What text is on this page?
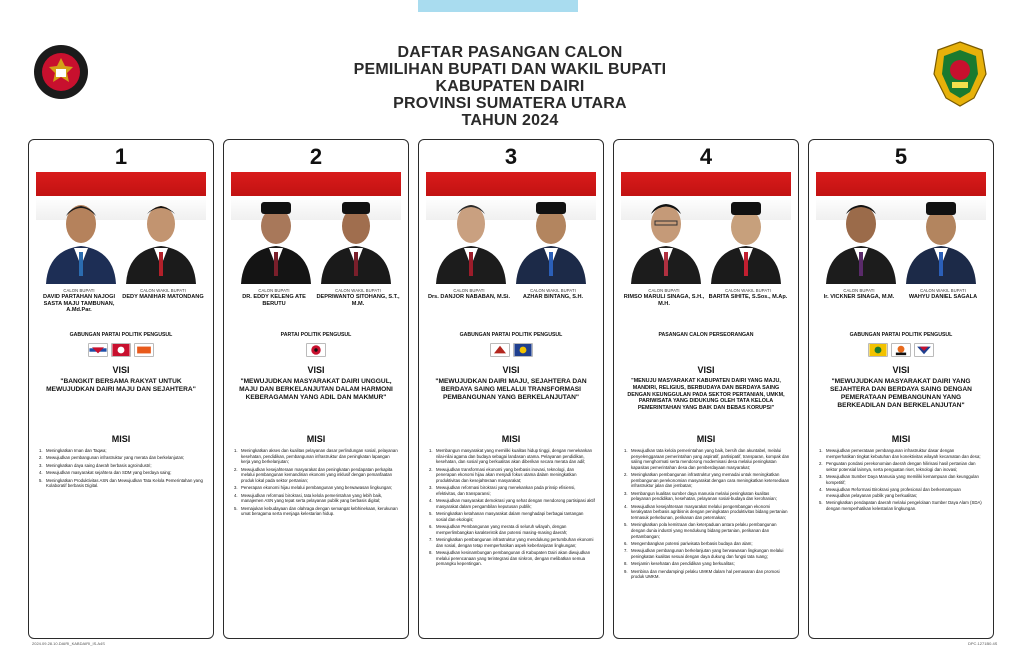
DAFTAR PASANGAN CALON
PEMILIHAN BUPATI DAN WAKIL BUPATI
KABUPATEN DAIRI
PROVINSI SUMATERA UTARA
TAHUN 2024
1
CALON BUPATI
DAVID PARTAHAN NAJOGI SASTA MAJU TAMBUNAN, A.Md.Par.
CALON WAKIL BUPATI
DEDY MANIHAR MATONDANG
GABUNGAN PARTAI POLITIK PENGUSUL
VISI
"BANGKIT BERSAMA RAKYAT UNTUK MEWUJUDKAN DAIRI MAJU DAN SEJAHTERA"
MISI
1. Meningkatkan Iman dan Taqwa;
2. Mewujudkan pembangunan infrastruktur yang merata dan berkelanjutan;
3. Meningkatkan daya saing daerah berbasis agroindustri;
4. Mewujudkan masyarakat sejahtera dan SDM yang berdaya saing;
5. Meningkatkan Produktivitas ASN dan Mewujudkan Tata Kelola Pemerintahan yang Kolaboratif berbasis Digital.
2
CALON BUPATI
DR. EDDY KELENG ATE BERUTU
CALON WAKIL BUPATI
DEPRIWANTO SITOHANG, S.T., M.M.
PARTAI POLITIK PENGUSUL
VISI
"MEWUJUDKAN MASYARAKAT DAIRI UNGGUL, MAJU DAN BERKELANJUTAN DALAM HARMONI KEBERAGAMAN YANG ADIL DAN MAKMUR"
MISI
1. Meningkatkan akses dan kualitas pelayanan dasar perlindungan sosial, pelayanan kesehatan, pendidikan, pembangunan infrastruktur dan peningkatan lapangan kerja yang berkelanjutan;
2. Mewujudkan kesejahteraan masyarakat dan peningkatan pendapatan perkapita melalui pembangunan kemandirian ekonomi yang inklusif dengan pemanfaatan produk lokal pada sektor pertanian;
3. Penerapan ekonomi hijau melalui pembangunan yang berwawasan lingkungan;
4. Mewujudkan reformasi birokrasi, tata kelola pemerintahan yang lebih baik, manajemen ASN yang tepat serta pelayanan publik yang berbasis digital;
5. Memajukan kebudayaan dan olahraga dengan semangat kebhinekaan, kerukunan umat beragama serta menjaga kelestarian hidup.
3
CALON BUPATI
Drs. DANJOR NABABAN, M.Si.
CALON WAKIL BUPATI
AZHAR BINTANG, S.H.
GABUNGAN PARTAI POLITIK PENGUSUL
VISI
"MEWUJUDKAN DAIRI MAJU, SEJAHTERA DAN BERDAYA SAING MELALUI TRANSFORMASI PEMBANGUNAN YANG BERKELANJUTAN"
MISI
1. Membangun masyarakat yang memiliki kualitas hidup tinggi, dengan menekankan nilai-nilai agama dan budaya sebagai landasan utama. Pelayanan pendidikan, kesehatan, dan sosial yang berkualitas akan diberikan secara merata dan adil;
2. Mewujudkan transformasi ekonomi yang berbasis inovasi, teknologi, dan penerapan ekonomi hijau akan menjadi fokus utama dalam meningkatkan produktivitas dan kesejahteraan masyarakat;
3. Mewujudkan reformasi birokrasi yang menekankan pada prinsip efisiensi, efektivitas, dan transparansi;
4. Mewujudkan masyarakat demokrasi yang sehat dengan mendorong partisipasi aktif masyarakat dalam pengambilan keputusan publik;
5. Meningkatkan ketahanan masyarakat dalam menghadapi berbagai tantangan sosial dan ekologis;
6. Mewujudkan Pembangunan yang merata di seluruh wilayah, dengan memperlimbangkan karakteristik dan potensi masing-masing daerah;
7. Meningkatkan pembangunan infrastruktur yang mendukung pertumbuhan ekonomi dan sosial, dengan tetap memperhatikan aspek keberlanjutan lingkungan;
8. Mewujudkan kesinambungan pembangunan di Kabupaten Dairi akan diwujudkan melalui perencanaan yang terintegrasi dan sinkron, dengan melibatkan semua pemangku kepentingan.
4
CALON BUPATI
RIMSO MARULI SINAGA, S.H., M.H.
CALON WAKIL BUPATI
BARITA SIHITE, S.Sos., M.Ap.
PASANGAN CALON PERSEORANGAN
VISI
"MENUJU MASYARAKAT KABUPATEN DAIRI YANG MAJU, MANDIRI, RELIGIUS, BERBUDAYA DAN BERDAYA SAING DENGAN KEUNGGULAN PADA SEKTOR PERTANIAN, UMKM, PARIWISATA YANG DIDUKUNG OLEH TATA KELOLA PEMERINTAHAN YANG BAIK DAN BEBAS KORUPSI"
MISI
1. Mewujudkan tata kelola pemerintahan yang baik, bersih dan akuntabel, melalui penyelenggaraan pemerintahan yang aspiratif, partisipatif, transparan, kompak dan saling menghormati serta mendorong modernisasi desa melalui peningkatan kapasitas pemerintahan desa dan pemberdayaan masyarakat;
2. Meningkatkan pembangunan infrastruktur yang memadai untuk meningkatkan pembangunan perekonomian masyarakat dengan cara meningkatkan ketersediaan infrastruktur jalan dan jembatan;
3. Membangun kualitas sumber daya manusia melalui peningkatan kualitas pelayanan pendidikan, kesehatan, pelayanan sosial-budaya dan kerohanian;
4. Mewujudkan kesejahteraan masyarakat melalui pengembangan ekonomi kerakyatan berbasis agribisnis dengan peningkatan produktivitas bidang pertanian termasuk perkebunan, perikanan dan peternakan;
5. Meningkatkan pola kemitraan dan keterpaduan antara pelaku pembangunan dengan dunia industri yang mendukung bidang pertanian, perikanan dan pertambangan;
6. Mengembangkan potensi pariwisata berbasis budaya dan alam;
7. Mewujudkan pembangunan berkelanjutan yang berwawasan lingkungan melalui peningkatan kualitas sesuai dengan daya dukung dan fungsi tata ruang;
8. Menjamin kesehatan dan pendidikan yang berkualitas;
9. Membina dan mendampingi pelaku UMKM dalam hal pemasaran dan promosi produk UMKM.
5
CALON BUPATI
Ir. VICKNER SINAGA, M.M.
CALON WAKIL BUPATI
WAHYU DANIEL SAGALA
GABUNGAN PARTAI POLITIK PENGUSUL
VISI
"MEWUJUDKAN MASYARAKAT DAIRI YANG SEJAHTERA DAN BERDAYA SAING DENGAN PEMERATAAN PEMBANGUNAN YANG BERKEADILAN DAN BERKELANJUTAN"
MISI
1. Mewujudkan pemerataan pembangunan infrastruktur dasar dengan memperhatikan tingkat kebutuhan dan konektivitas wilayah kecamatan dan desa;
2. Penguatan pondasi perekonomian daerah dengan hilirisasi hasil pertanian dan sektor potensial lainnya, serta penguatan riset, teknologi dan inovasi;
3. Mewujudkan Sumber Daya Manusia yang memiliki kemampuan dan keunggulan kompetitif;
4. Mewujudkan Reformasi Birokrasi yang profesional dan berkemampuan mewujudkan pelayanan publik yang berkualitas;
5. Meningkatkan pendapatan daerah melalui pengelolaan Sumber Daya Alam (SDA) dengan memperhatikan kelestarian lingkungan.
2024.09.28.10.DAIRI_KABDAIRI_IS.A4S	DPC.1271B0.4S
